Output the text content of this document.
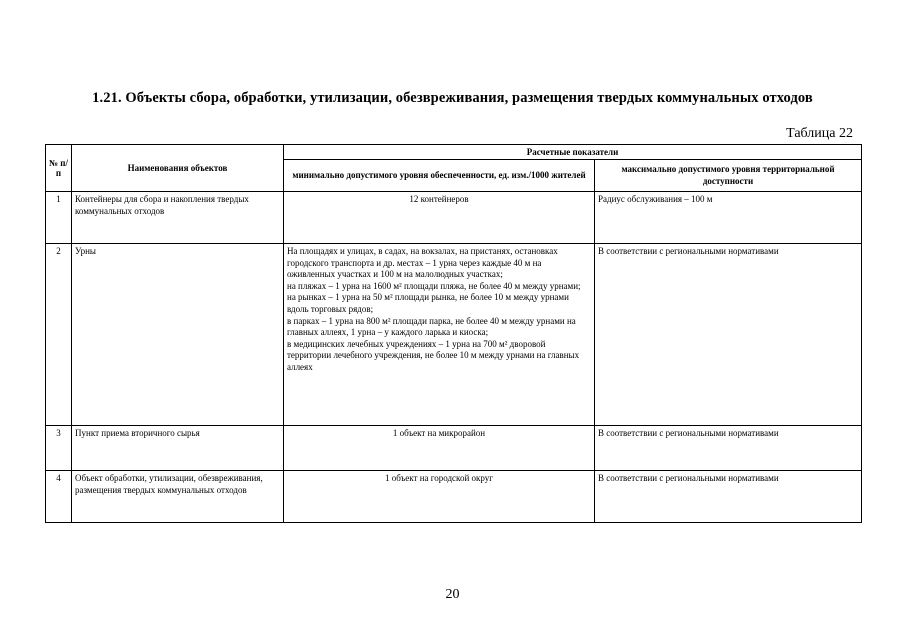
1.21. Объекты сбора, обработки, утилизации, обезвреживания, размещения твердых коммунальных отходов
Таблица 22
№ п/п	Наименования объектов	Расчетные показатели	
		минимально допустимого уровня обеспеченности, ед. изм./1000 жителей	максимально допустимого уровня территориальной доступности
1	Контейнеры для сбора и накопления твердых коммунальных отходов	12 контейнеров	Радиус обслуживания – 100 м
2	Урны	На площадях и улицах, в садах, на вокзалах, на пристанях, остановках городского транспорта и др. местах – 1 урна через каждые 40 м на оживленных участках и 100 м на малолюдных участках;
на пляжах – 1 урна на 1600 м² площади пляжа, не более 40 м между урнами;
на рынках – 1 урна на 50 м² площади рынка, не более 10 м между урнами вдоль торговых рядов;
в парках – 1 урна на 800 м² площади парка, не более 40 м между урнами на главных аллеях, 1 урна – у каждого ларька и киоска;
в медицинских лечебных учреждениях – 1 урна на 700 м² дворовой территории лечебного учреждения, не более 10 м между урнами на главных аллеях	В соответствии с региональными нормативами
3	Пункт приема вторичного сырья	1 объект на микрорайон	В соответствии с региональными нормативами
4	Объект обработки, утилизации, обезвреживания, размещения твердых коммунальных отходов	1 объект на городской округ	В соответствии с региональными нормативами
20
